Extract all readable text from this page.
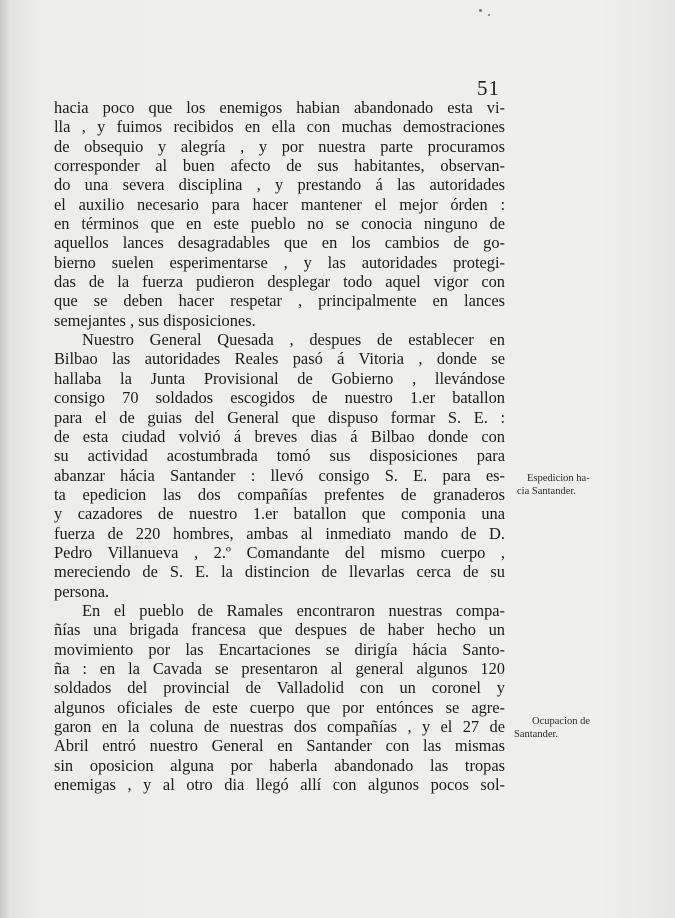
51

hacia poco que los enemigos habian abandonado esta vi-
lla , y fuimos recibidos en ella con muchas demostraciones
de obsequio y alegría , y por nuestra parte procuramos
corresponder al buen afecto de sus habitantes, observan-
do una severa disciplina , y prestando á las autoridades
el auxilio necesario para hacer mantener el mejor órden :
en términos que en este pueblo no se conocia ninguno de
aquellos lances desagradables que en los cambios de go-
bierno suelen esperimentarse , y las autoridades protegi-
das de la fuerza pudieron desplegar todo aquel vigor con
que se deben hacer respetar , principalmente en lances
semejantes , sus disposiciones.

Nuestro General Quesada , despues de establecer en
Bilbao las autoridades Reales pasó á Vitoria , donde se
hallaba la Junta Provisional de Gobierno , llevándose
consigo 70 soldados escogidos de nuestro 1.er batallon
para el de guias del General que dispuso formar S. E. :
de esta ciudad volvió á breves dias á Bilbao donde con
su actividad acostumbrada tomó sus disposiciones para
abanzar hácia Santander : llevó consigo S. E. para es-
ta epedicion las dos compañías prefentes de granaderos
y cazadores de nuestro 1.er batallon que componia una
fuerza de 220 hombres, ambas al inmediato mando de D.
Pedro Villanueva , 2.º Comandante del mismo cuerpo ,
mereciendo de S. E. la distincion de llevarlas cerca de su
persona.

En el pueblo de Ramales encontraron nuestras compa-
ñías una brigada francesa que despues de haber hecho un
movimiento por las Encartaciones se dirigía hácia Santo-
ña : en la Cavada se presentaron al general algunos 120
soldados del provincial de Valladolid con un coronel y
algunos oficiales de este cuerpo que por entónces se agre-
garon en la coluna de nuestras dos compañías , y el 27 de
Abril entró nuestro General en Santander con las mismas
sin oposicion alguna por haberla abandonado las tropas
enemigas , y al otro dia llegó allí con algunos pocos sol-

Espedicion ha-
cia Santander.
Ocupacion de
Santander.
